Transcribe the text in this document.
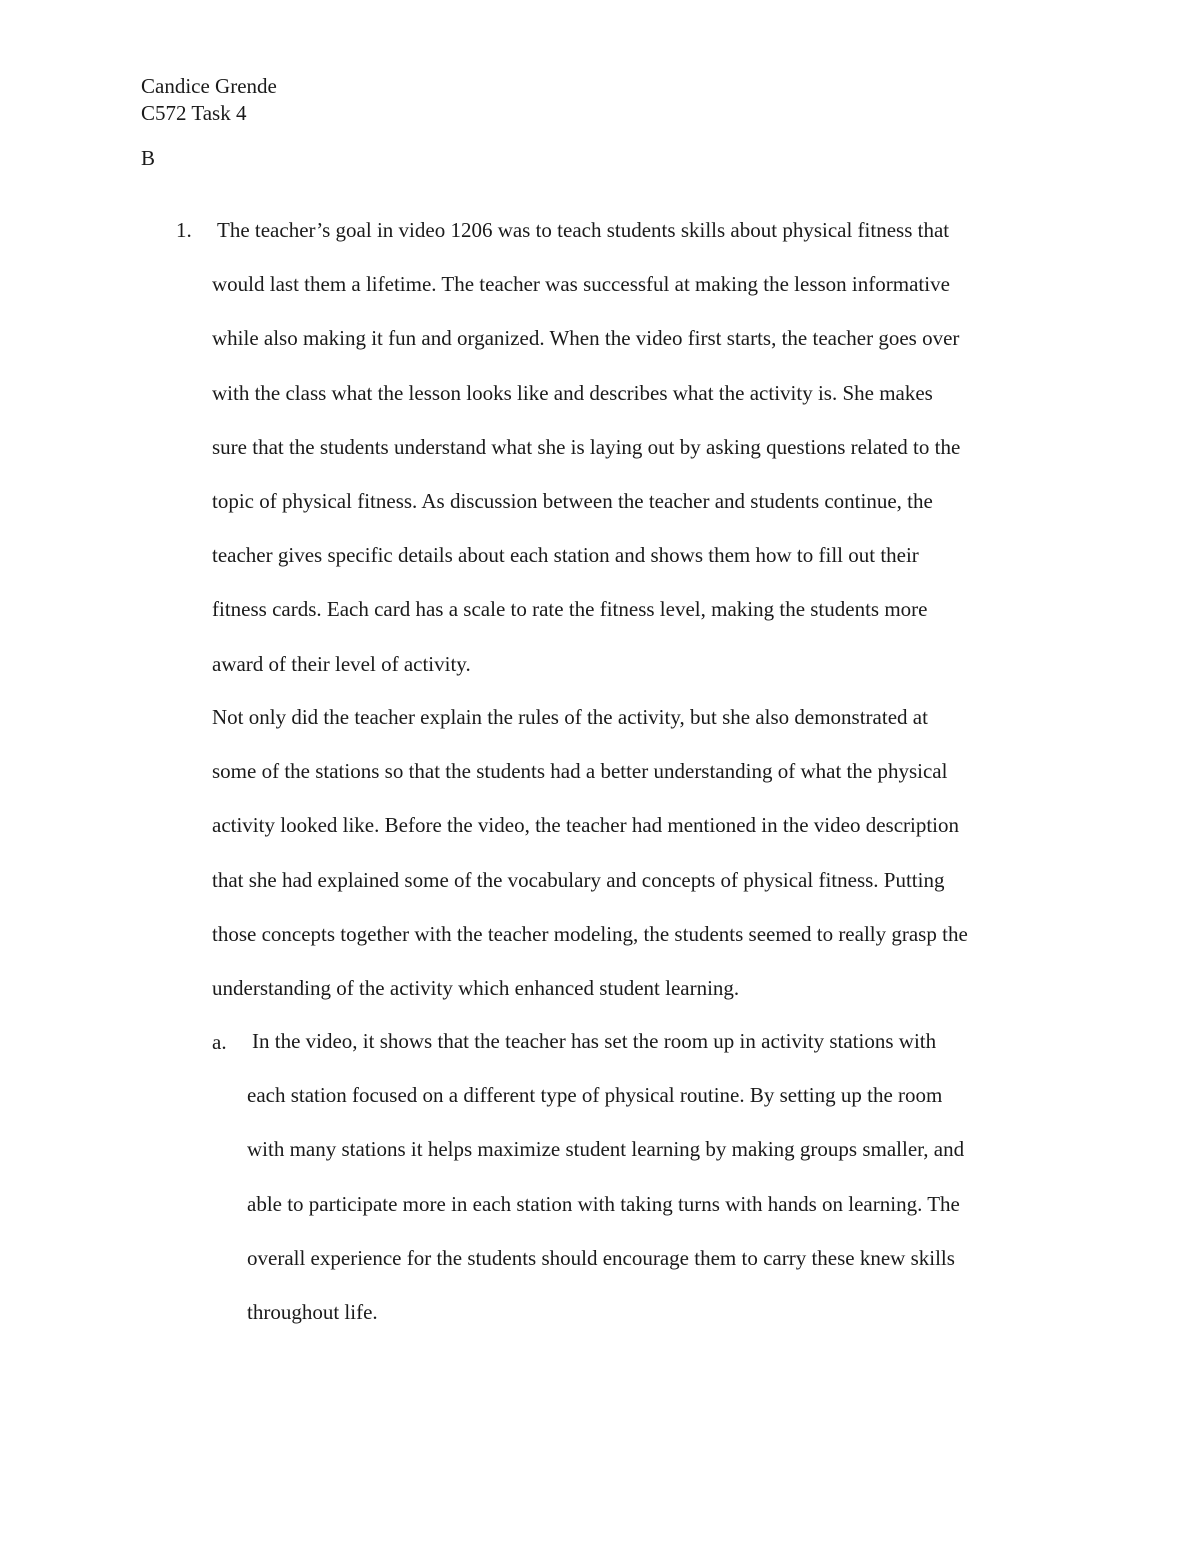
Candice Grende
C572 Task 4
B
1. The teacher’s goal in video 1206 was to teach students skills about physical fitness that
would last them a lifetime. The teacher was successful at making the lesson informative
while also making it fun and organized. When the video first starts, the teacher goes over
with the class what the lesson looks like and describes what the activity is. She makes
sure that the students understand what she is laying out by asking questions related to the
topic of physical fitness. As discussion between the teacher and students continue, the
teacher gives specific details about each station and shows them how to fill out their
fitness cards. Each card has a scale to rate the fitness level, making the students more
award of their level of activity.
Not only did the teacher explain the rules of the activity, but she also demonstrated at
some of the stations so that the students had a better understanding of what the physical
activity looked like. Before the video, the teacher had mentioned in the video description
that she had explained some of the vocabulary and concepts of physical fitness. Putting
those concepts together with the teacher modeling, the students seemed to really grasp the
understanding of the activity which enhanced student learning.
a. In the video, it shows that the teacher has set the room up in activity stations with
each station focused on a different type of physical routine. By setting up the room
with many stations it helps maximize student learning by making groups smaller, and
able to participate more in each station with taking turns with hands on learning. The
overall experience for the students should encourage them to carry these knew skills
throughout life.
